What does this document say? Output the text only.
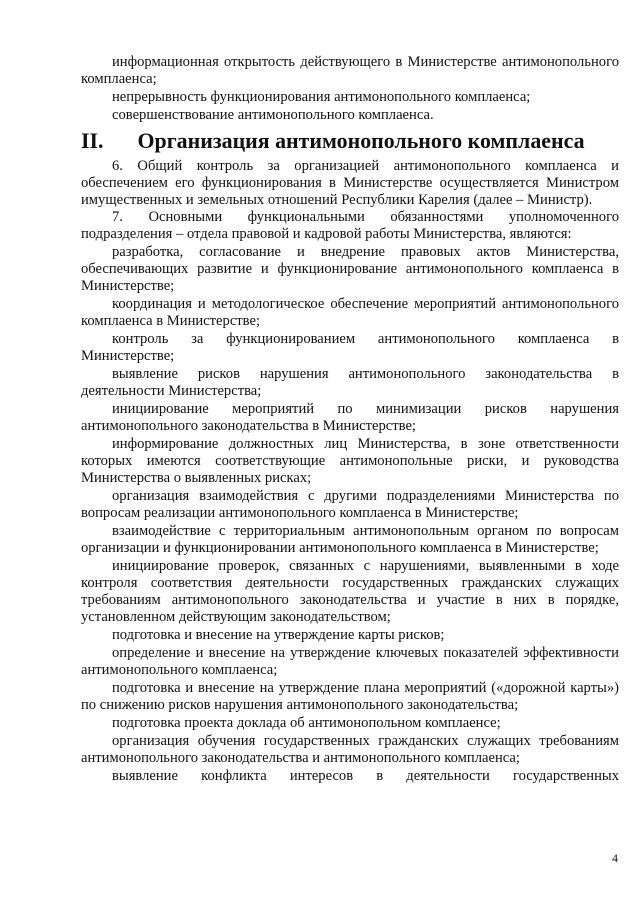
информационная открытость действующего в Министерстве антимонопольного комплаенса;

непрерывность функционирования антимонопольного комплаенса;

совершенствование антимонопольного комплаенса.

II. Организация антимонопольного комплаенса

6. Общий контроль за организацией антимонопольного комплаенса и обеспечением его функционирования в Министерстве осуществляется Министром имущественных и земельных отношений Республики Карелия (далее – Министр).

7. Основными функциональными обязанностями уполномоченного подразделения – отдела правовой и кадровой работы Министерства, являются:

разработка, согласование и внедрение правовых актов Министерства, обеспечивающих развитие и функционирование антимонопольного комплаенса в Министерстве;

координация и методологическое обеспечение мероприятий антимонопольного комплаенса в Министерстве;

контроль за функционированием антимонопольного комплаенса в Министерстве;

выявление рисков нарушения антимонопольного законодательства в деятельности Министерства;

инициирование мероприятий по минимизации рисков нарушения антимонопольного законодательства в Министерстве;

информирование должностных лиц Министерства, в зоне ответственности которых имеются соответствующие антимонопольные риски, и руководства Министерства о выявленных рисках;

организация взаимодействия с другими подразделениями Министерства по вопросам реализации антимонопольного комплаенса в Министерстве;

взаимодействие с территориальным антимонопольным органом по вопросам организации и функционировании антимонопольного комплаенса в Министерстве;

инициирование проверок, связанных с нарушениями, выявленными в ходе контроля соответствия деятельности государственных гражданских служащих требованиям антимонопольного законодательства и участие в них в порядке, установленном действующим законодательством;

подготовка и внесение на утверждение карты рисков;

определение и внесение на утверждение ключевых показателей эффективности антимонопольного комплаенса;

подготовка и внесение на утверждение плана мероприятий («дорожной карты») по снижению рисков нарушения антимонопольного законодательства;

подготовка проекта доклада об антимонопольном комплаенсе;

организация обучения государственных гражданских служащих требованиям антимонопольного законодательства и антимонопольного комплаенса;

выявление конфликта интересов в деятельности государственных

4
